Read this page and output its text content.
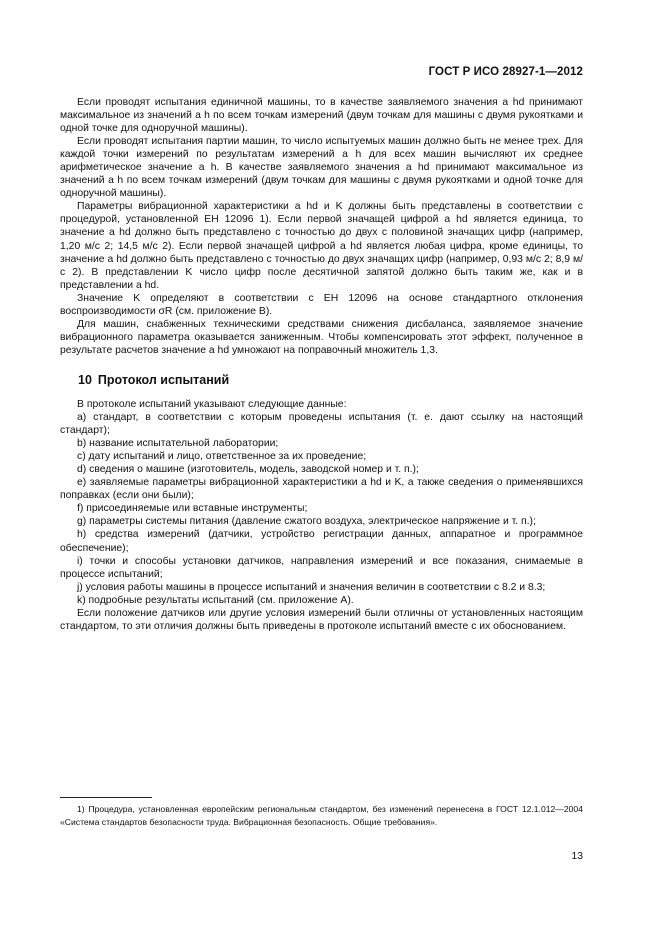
ГОСТ Р ИСО 28927-1—2012

Если проводят испытания единичной машины, то в качестве заявляемого значения a hd принимают максимальное из значений a h по всем точкам измерений (двум точкам для машины с двумя рукоятками и одной точке для одноручной машины).

Если проводят испытания партии машин, то число испытуемых машин должно быть не менее трех. Для каждой точки измерений по результатам измерений a h для всех машин вычисляют их среднее арифметическое значение a h. В качестве заявляемого значения a hd принимают максимальное из значений a h по всем точкам измерений (двум точкам для машины с двумя рукоятками и одной точке для одноручной машины).

Параметры вибрационной характеристики a hd и K должны быть представлены в соответствии с процедурой, установленной ЕН 12096 1). Если первой значащей цифрой a hd является единица, то значение a hd должно быть представлено с точностью до двух с половиной значащих цифр (например, 1,20 м/с 2; 14,5 м/с 2). Если первой значащей цифрой a hd является любая цифра, кроме единицы, то значение a hd должно быть представлено с точностью до двух значащих цифр (например, 0,93 м/с 2; 8,9 м/с 2). В представлении K число цифр после десятичной запятой должно быть таким же, как и в представлении a hd.

Значение K определяют в соответствии с ЕН 12096 на основе стандартного отклонения воспроизводимости σR (см. приложение В).

Для машин, снабженных техническими средствами снижения дисбаланса, заявляемое значение вибрационного параметра оказывается заниженным. Чтобы компенсировать этот эффект, полученное в результате расчетов значение a hd умножают на поправочный множитель 1,3.

10 Протокол испытаний

В протоколе испытаний указывают следующие данные:

a) стандарт, в соответствии с которым проведены испытания (т. е. дают ссылку на настоящий стандарт);

b) название испытательной лаборатории;

c) дату испытаний и лицо, ответственное за их проведение;

d) сведения о машине (изготовитель, модель, заводской номер и т. п.);

e) заявляемые параметры вибрационной характеристики a hd и K, а также сведения о применявшихся поправках (если они были);

f) присоединяемые или вставные инструменты;

g) параметры системы питания (давление сжатого воздуха, электрическое напряжение и т. п.);

h) средства измерений (датчики, устройство регистрации данных, аппаратное и программное обеспечение);

i) точки и способы установки датчиков, направления измерений и все показания, снимаемые в процессе испытаний;

j) условия работы машины в процессе испытаний и значения величин в соответствии с 8.2 и 8.3;

k) подробные результаты испытаний (см. приложение А).

Если положение датчиков или другие условия измерений были отличны от установленных настоящим стандартом, то эти отличия должны быть приведены в протоколе испытаний вместе с их обоснованием.

1) Процедура, установленная европейским региональным стандартом, без изменений перенесена в ГОСТ 12.1.012—2004 «Система стандартов безопасности труда. Вибрационная безопасность. Общие требования».

13
